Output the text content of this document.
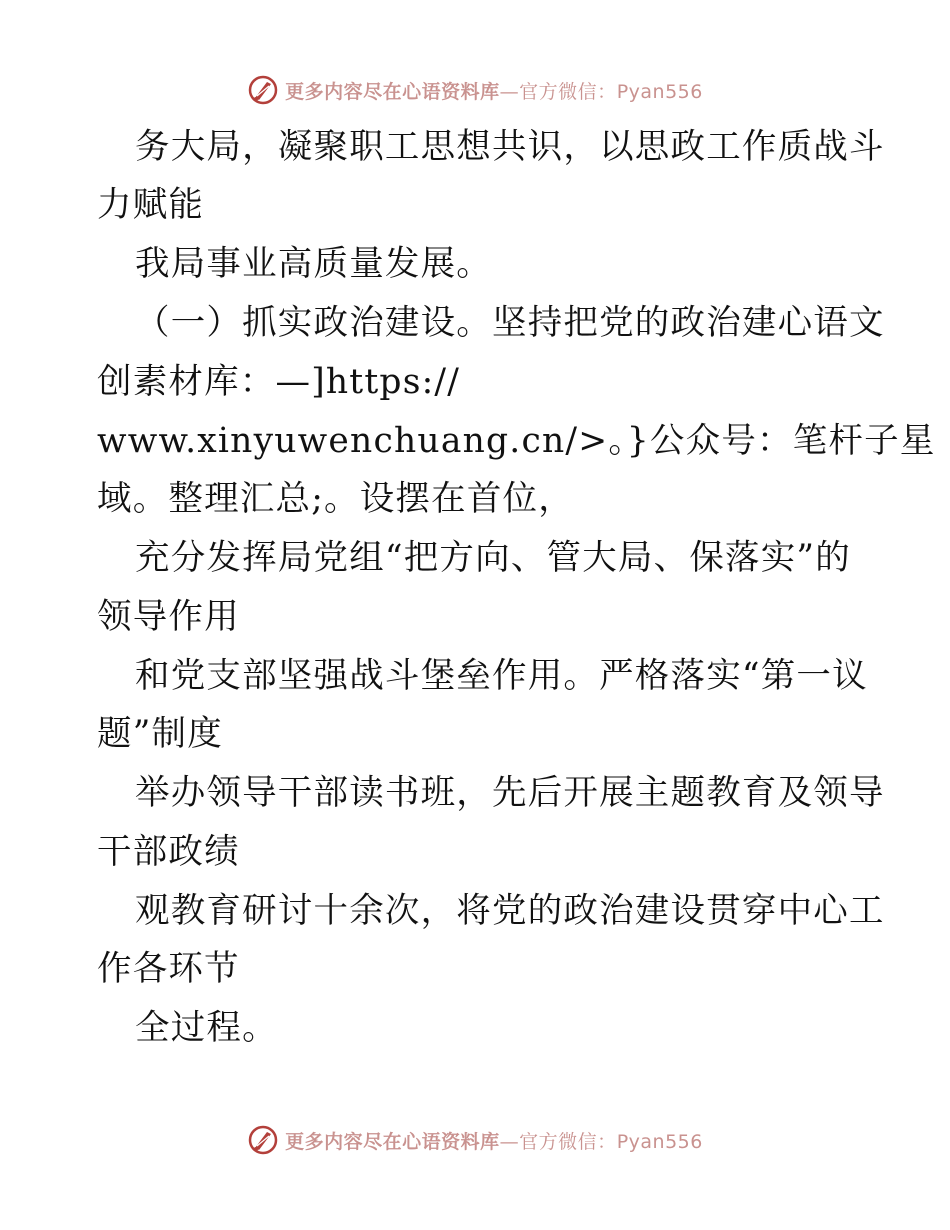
更多内容尽在心语资料库—官方微信：Pyan556
务大局，凝聚职工思想共识，以思政工作质战斗
力赋能
我局事业高质量发展。
（一）抓实政治建设。坚持把党的政治建心语文
创素材库：—]https://
www.xinyuwenchuang.cn/>。}公众号：笔杆子星
域。整理汇总;。设摆在首位，
充分发挥局党组“把方向、管大局、保落实”的
领导作用
和党支部坚强战斗堡垒作用。严格落实“第一议
题”制度
举办领导干部读书班，先后开展主题教育及领导
干部政绩
观教育研讨十余次，将党的政治建设贯穿中心工
作各环节
全过程。
更多内容尽在心语资料库—官方微信：Pyan556
